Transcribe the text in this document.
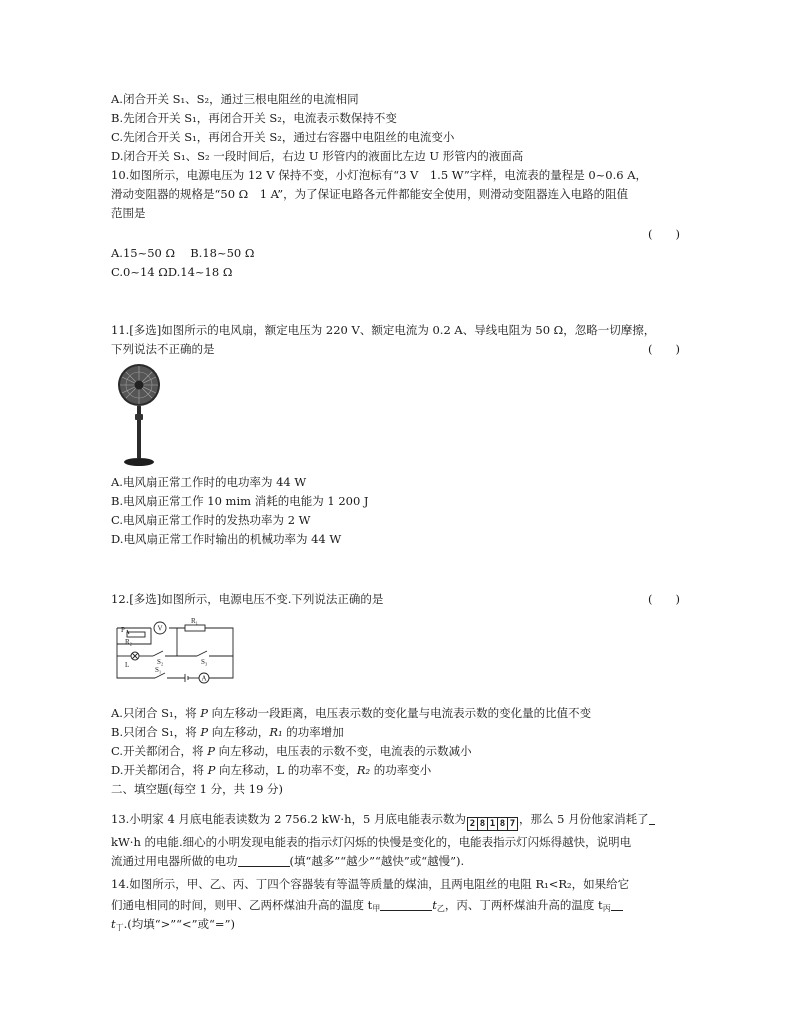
A.闭合开关 S₁、S₂，通过三根电阻丝的电流相同
B.先闭合开关 S₁，再闭合开关 S₂，电流表示数保持不变
C.先闭合开关 S₁，再闭合开关 S₂，通过右容器中电阻丝的电流变小
D.闭合开关 S₁、S₂ 一段时间后，右边 U 形管内的液面比左边 U 形管内的液面高
10.如图所示，电源电压为 12 V 保持不变，小灯泡标有“3 V　1.5 W”字样，电流表的量程是 0~0.6 A，
滑动变阻器的规格是“50 Ω　1 A”，为了保证电路各元件都能安全使用，则滑动变阻器连入电路的阻值
范围是
(　　)
A.15~50 Ω　 B.18~50 Ω
C.0~14 ΩD.14~18 Ω
11.[多选]如图所示的电风扇，额定电压为 220 V、额定电流为 0.2 A、导线电阻为 50 Ω，忽略一切摩擦，
下列说法不正确的是	(　　)
A.电风扇正常工作时的电功率为 44 W
B.电风扇正常工作 10 mim 消耗的电能为 1 200 J
C.电风扇正常工作时的发热功率为 2 W
D.电风扇正常工作时输出的机械功率为 44 W
12.[多选]如图所示，电源电压不变.下列说法正确的是	(　　)
V
A
P
R₁
R₂
L
S₁
S₂	S₃
A.只闭合 S₁，将 P 向左移动一段距离，电压表示数的变化量与电流表示数的变化量的比值不变
B.只闭合 S₁，将 P 向左移动，R₁ 的功率增加
C.开关都闭合，将 P 向左移动，电压表的示数不变，电流表的示数减小
D.开关都闭合，将 P 向左移动，L 的功率不变，R₂ 的功率变小
二、填空题(每空 1 分，共 19 分)
13.小明家 4 月底电能表读数为 2 756.2 kW·h，5 月底电能表示数为 2 8 1 8 7 ，那么 5 月份他家消耗了
kW·h 的电能.细心的小明发现电能表的指示灯闪烁的快慢是变化的，电能表指示灯闪烁得越快，说明电
流通过用电器所做的电功	(填“越多”“越少”“越快”或“越慢”).
14.如图所示，甲、乙、丙、丁四个容器装有等温等质量的煤油，且两电阻丝的电阻 R₁<R₂，如果给它
们通电相同的时间，则甲、乙两杯煤油升高的温度 $t_甲$	$t_乙$，丙、丁两杯煤油升高的温度 $t_丙$
$t_丁$.(均填“>”“<”或“=”)
